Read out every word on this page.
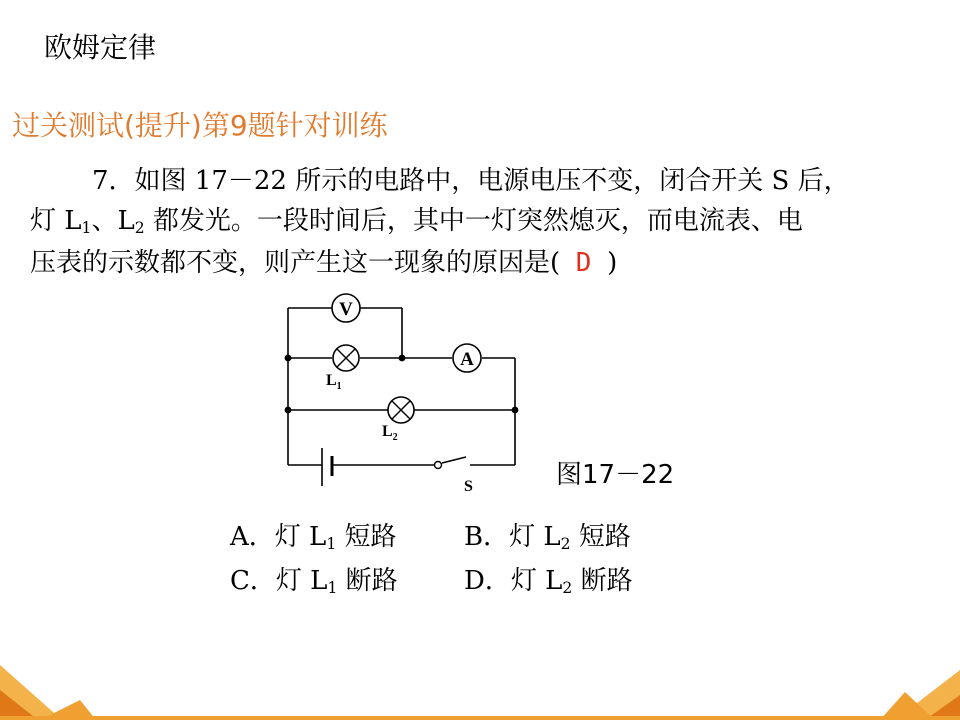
欧姆定律
过关测试(提升)第9题针对训练
7．如图 17－22 所示的电路中，电源电压不变，闭合开关 S 后，
灯 $L_1$、$L_2$ 都发光。一段时间后，其中一灯突然熄灭，而电流表、电
压表的示数都不变，则产生这一现象的原因是( D )
V
$L_1$
A
$L_2$
S	图17－22
A．灯 $L_1$ 短路	B．灯 $L_2$ 短路
C．灯 $L_1$ 断路	D．灯 $L_2$ 断路
